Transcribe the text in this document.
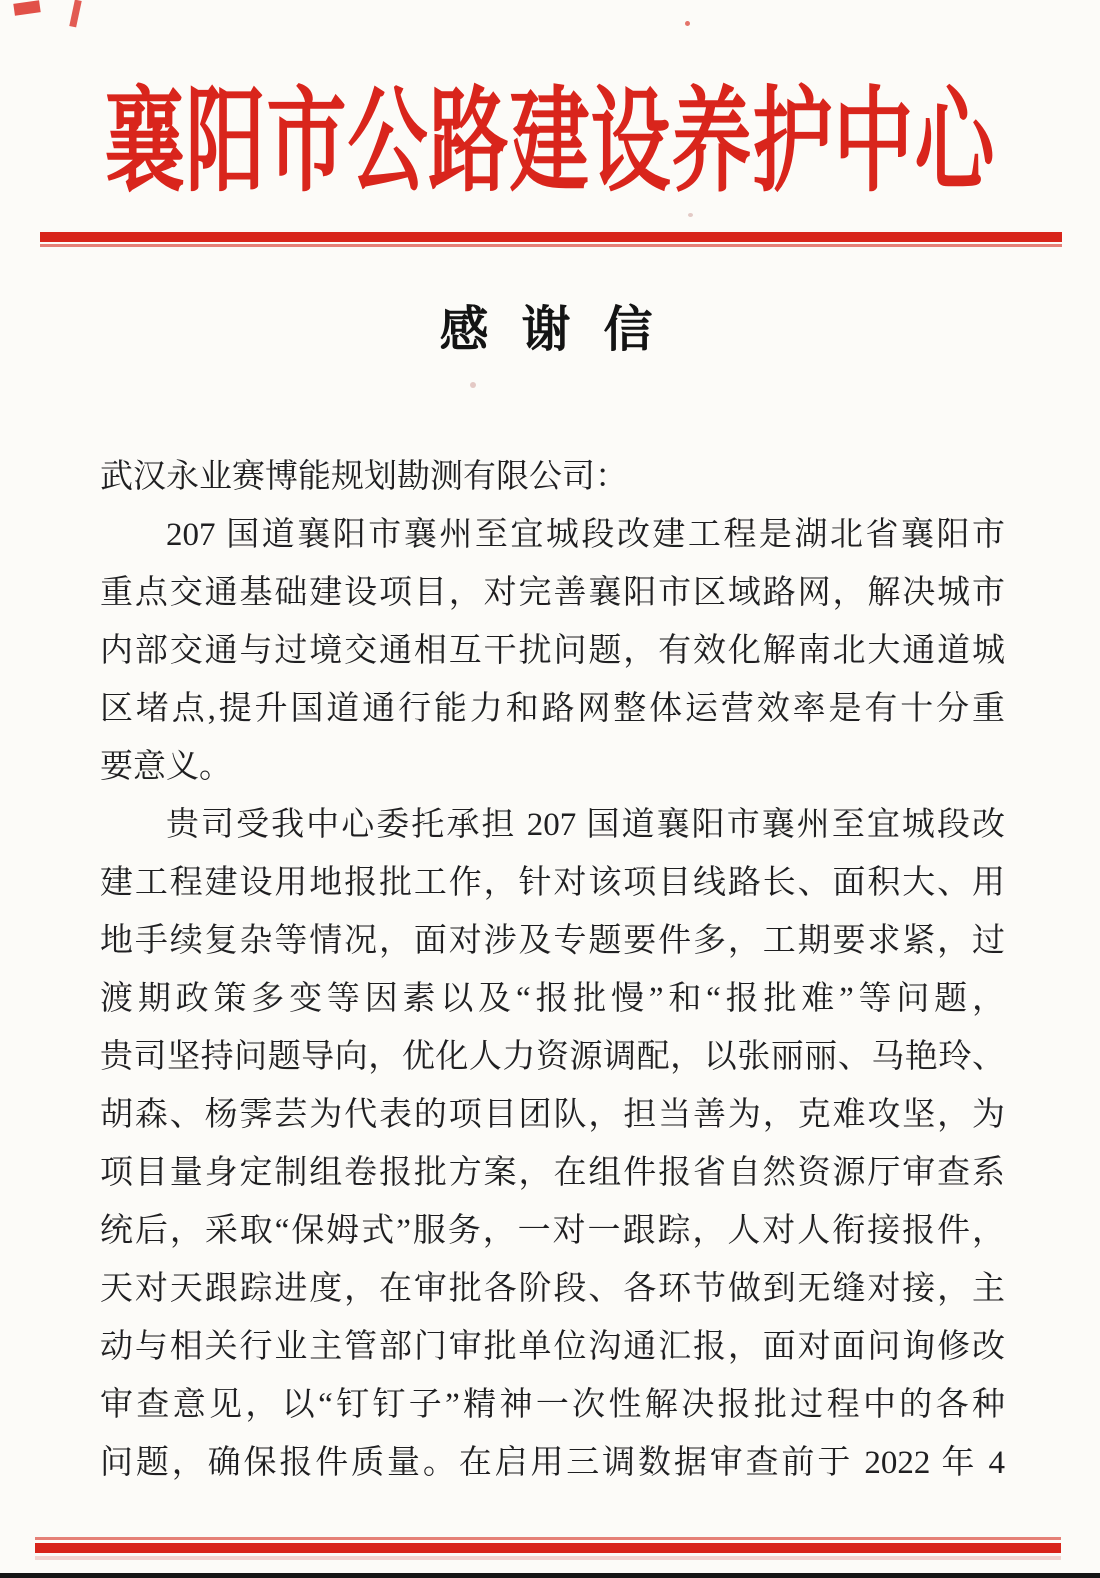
襄阳市公路建设养护中心
感 谢 信
武汉永业赛博能规划勘测有限公司：
207 国道襄阳市襄州至宜城段改建工程是湖北省襄阳市
重点交通基础建设项目，对完善襄阳市区域路网，解决城市
内部交通与过境交通相互干扰问题，有效化解南北大通道城
区堵点,提升国道通行能力和路网整体运营效率是有十分重
要意义。
贵司受我中心委托承担 207 国道襄阳市襄州至宜城段改
建工程建设用地报批工作，针对该项目线路长、面积大、用
地手续复杂等情况，面对涉及专题要件多，工期要求紧，过
渡期政策多变等因素以及“报批慢”和“报批难”等问题，
贵司坚持问题导向，优化人力资源调配，以张丽丽、马艳玲、
胡森、杨霁芸为代表的项目团队，担当善为，克难攻坚，为
项目量身定制组卷报批方案，在组件报省自然资源厅审查系
统后，采取“保姆式”服务，一对一跟踪，人对人衔接报件，
天对天跟踪进度，在审批各阶段、各环节做到无缝对接，主
动与相关行业主管部门审批单位沟通汇报，面对面问询修改
审查意见，以“钉钉子”精神一次性解决报批过程中的各种
问题，确保报件质量。在启用三调数据审查前于 2022 年 4
